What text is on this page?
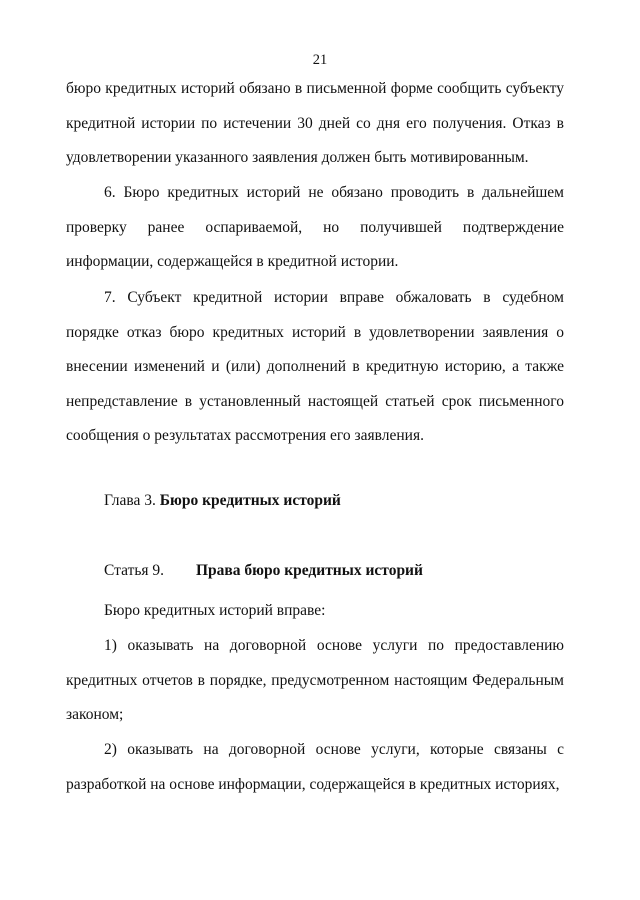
21

бюро кредитных историй обязано в письменной форме сообщить субъекту кредитной истории по истечении 30 дней со дня его получения. Отказ в удовлетворении указанного заявления должен быть мотивированным.

6. Бюро кредитных историй не обязано проводить в дальнейшем проверку ранее оспариваемой, но получившей подтверждение информации, содержащейся в кредитной истории.

7. Субъект кредитной истории вправе обжаловать в судебном порядке отказ бюро кредитных историй в удовлетворении заявления о внесении изменений и (или) дополнений в кредитную историю, а также непредставление в установленный настоящей статьей срок письменного сообщения о результатах рассмотрения его заявления.

Глава 3. Бюро кредитных историй
Статья 9. Права бюро кредитных историй

Бюро кредитных историй вправе:

1) оказывать на договорной основе услуги по предоставлению кредитных отчетов в порядке, предусмотренном настоящим Федеральным законом;

2) оказывать на договорной основе услуги, которые связаны с разработкой на основе информации, содержащейся в кредитных историях,
